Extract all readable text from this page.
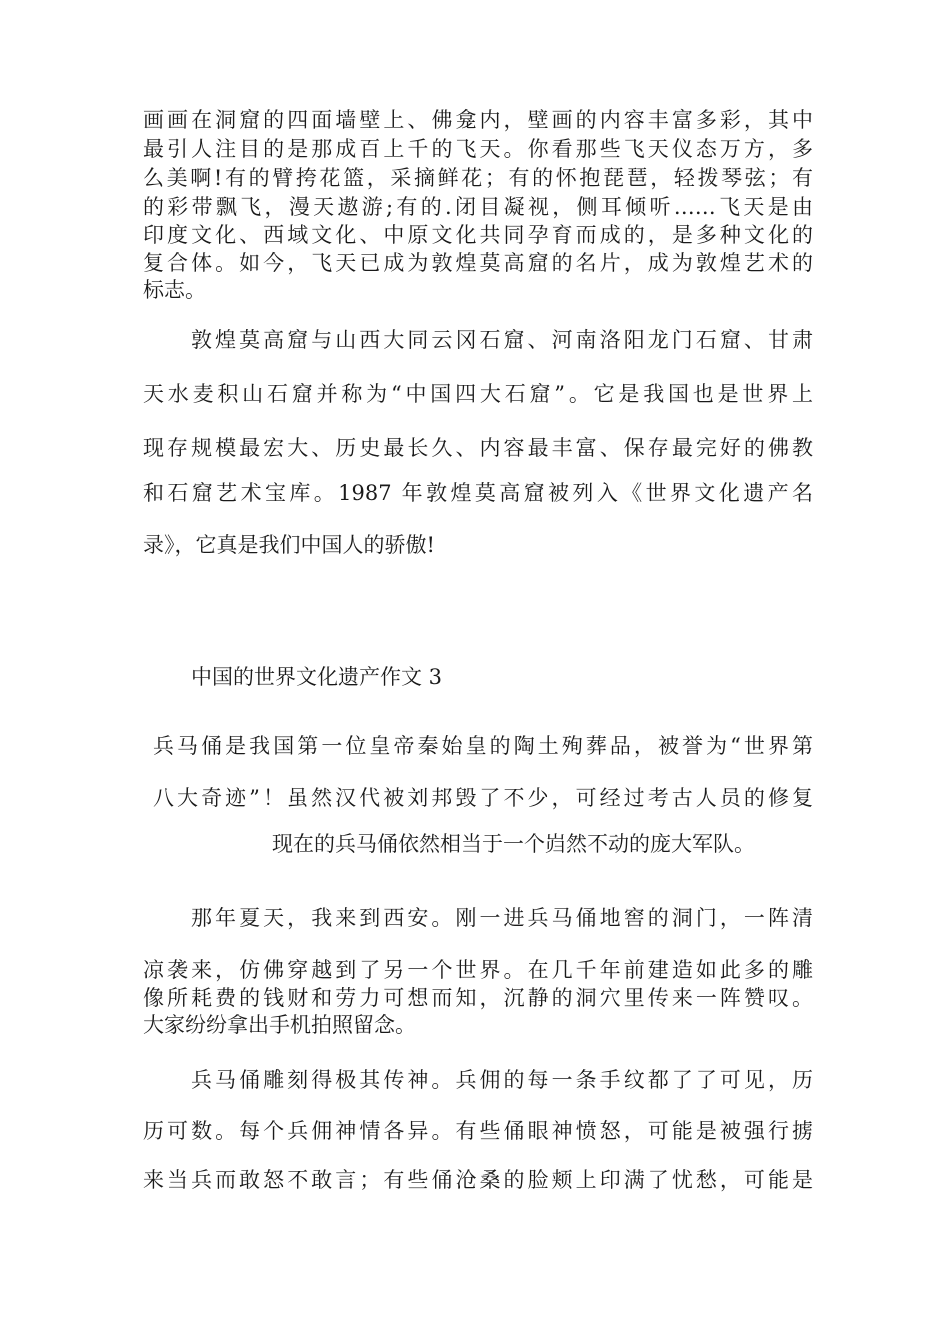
画画在洞窟的四面墙壁上、佛龛内，壁画的内容丰富多彩，其中
最引人注目的是那成百上千的飞天。你看那些飞天仪态万方，多
么美啊!有的臂挎花篮，采摘鲜花；有的怀抱琵琶，轻拨琴弦；有
的彩带飘飞，漫天遨游;有的.闭目凝视，侧耳倾听……飞天是由
印度文化、西域文化、中原文化共同孕育而成的，是多种文化的
复合体。如今，飞天已成为敦煌莫高窟的名片，成为敦煌艺术的
标志。
敦煌莫高窟与山西大同云冈石窟、河南洛阳龙门石窟、甘肃
天水麦积山石窟并称为“中国四大石窟”。它是我国也是世界上
现存规模最宏大、历史最长久、内容最丰富、保存最完好的佛教
和石窟艺术宝库。1987 年敦煌莫高窟被列入《世界文化遗产名
录》，它真是我们中国人的骄傲!
中国的世界文化遗产作文 3
兵马俑是我国第一位皇帝秦始皇的陶土殉葬品，被誉为“世界第
八大奇迹”！虽然汉代被刘邦毁了不少，可经过考古人员的修复
现在的兵马俑依然相当于一个岿然不动的庞大军队。
那年夏天，我来到西安。刚一进兵马俑地窖的洞门，一阵清
凉袭来，仿佛穿越到了另一个世界。在几千年前建造如此多的雕
像所耗费的钱财和劳力可想而知，沉静的洞穴里传来一阵赞叹。
大家纷纷拿出手机拍照留念。
兵马俑雕刻得极其传神。兵佣的每一条手纹都了了可见，历
历可数。每个兵佣神情各异。有些俑眼神愤怒，可能是被强行掳
来当兵而敢怒不敢言；有些俑沧桑的脸颊上印满了忧愁，可能是
